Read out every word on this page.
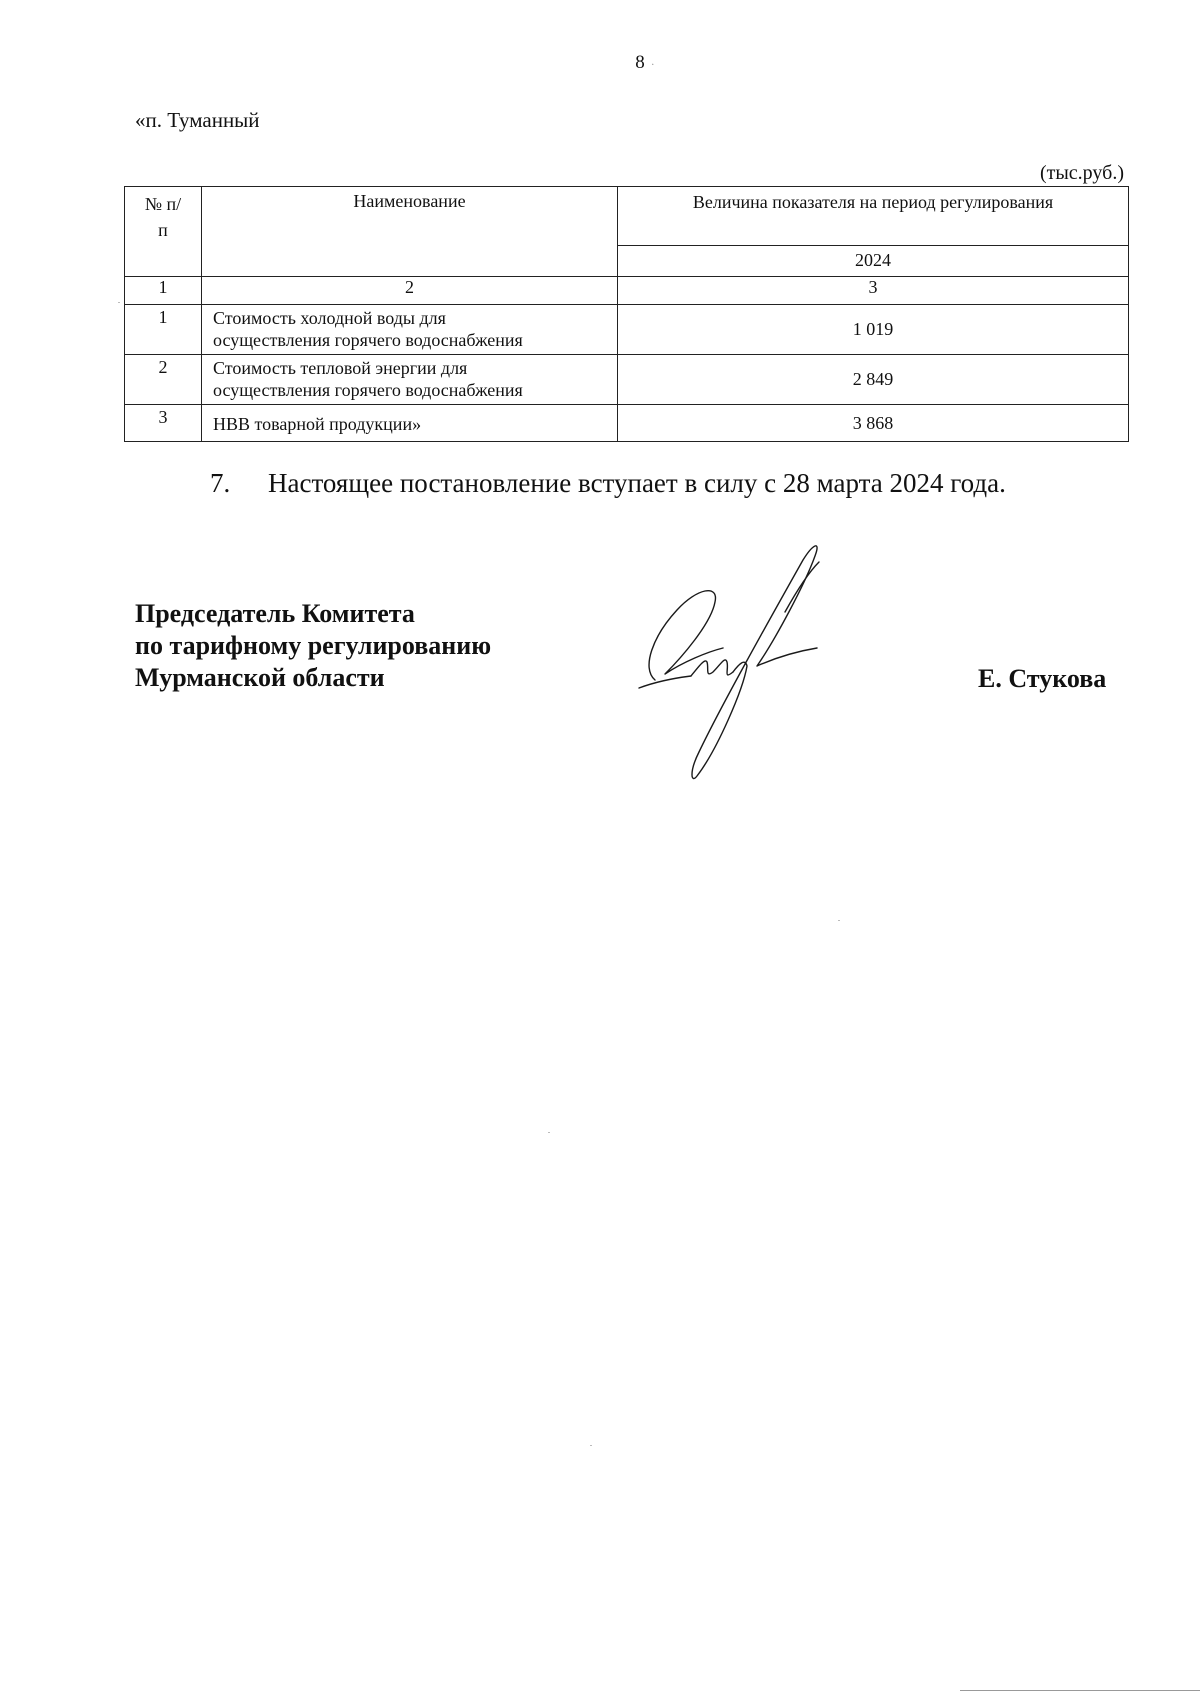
8 ·
«п. Туманный
(тыс.руб.)
№ п/п	Наименование	Величина показателя на период регулирования
		2024
1	2	3
1	Стоимость холодной воды для
осуществления горячего водоснабжения	1 019
2	Стоимость тепловой энергии для
осуществления горячего водоснабжения	2 849
3	НВВ товарной продукции»	3 868
7. Настоящее постановление вступает в силу с 28 марта 2024 года.
Председатель Комитета
по тарифному регулированию
Мурманской области	Е. Стукова
